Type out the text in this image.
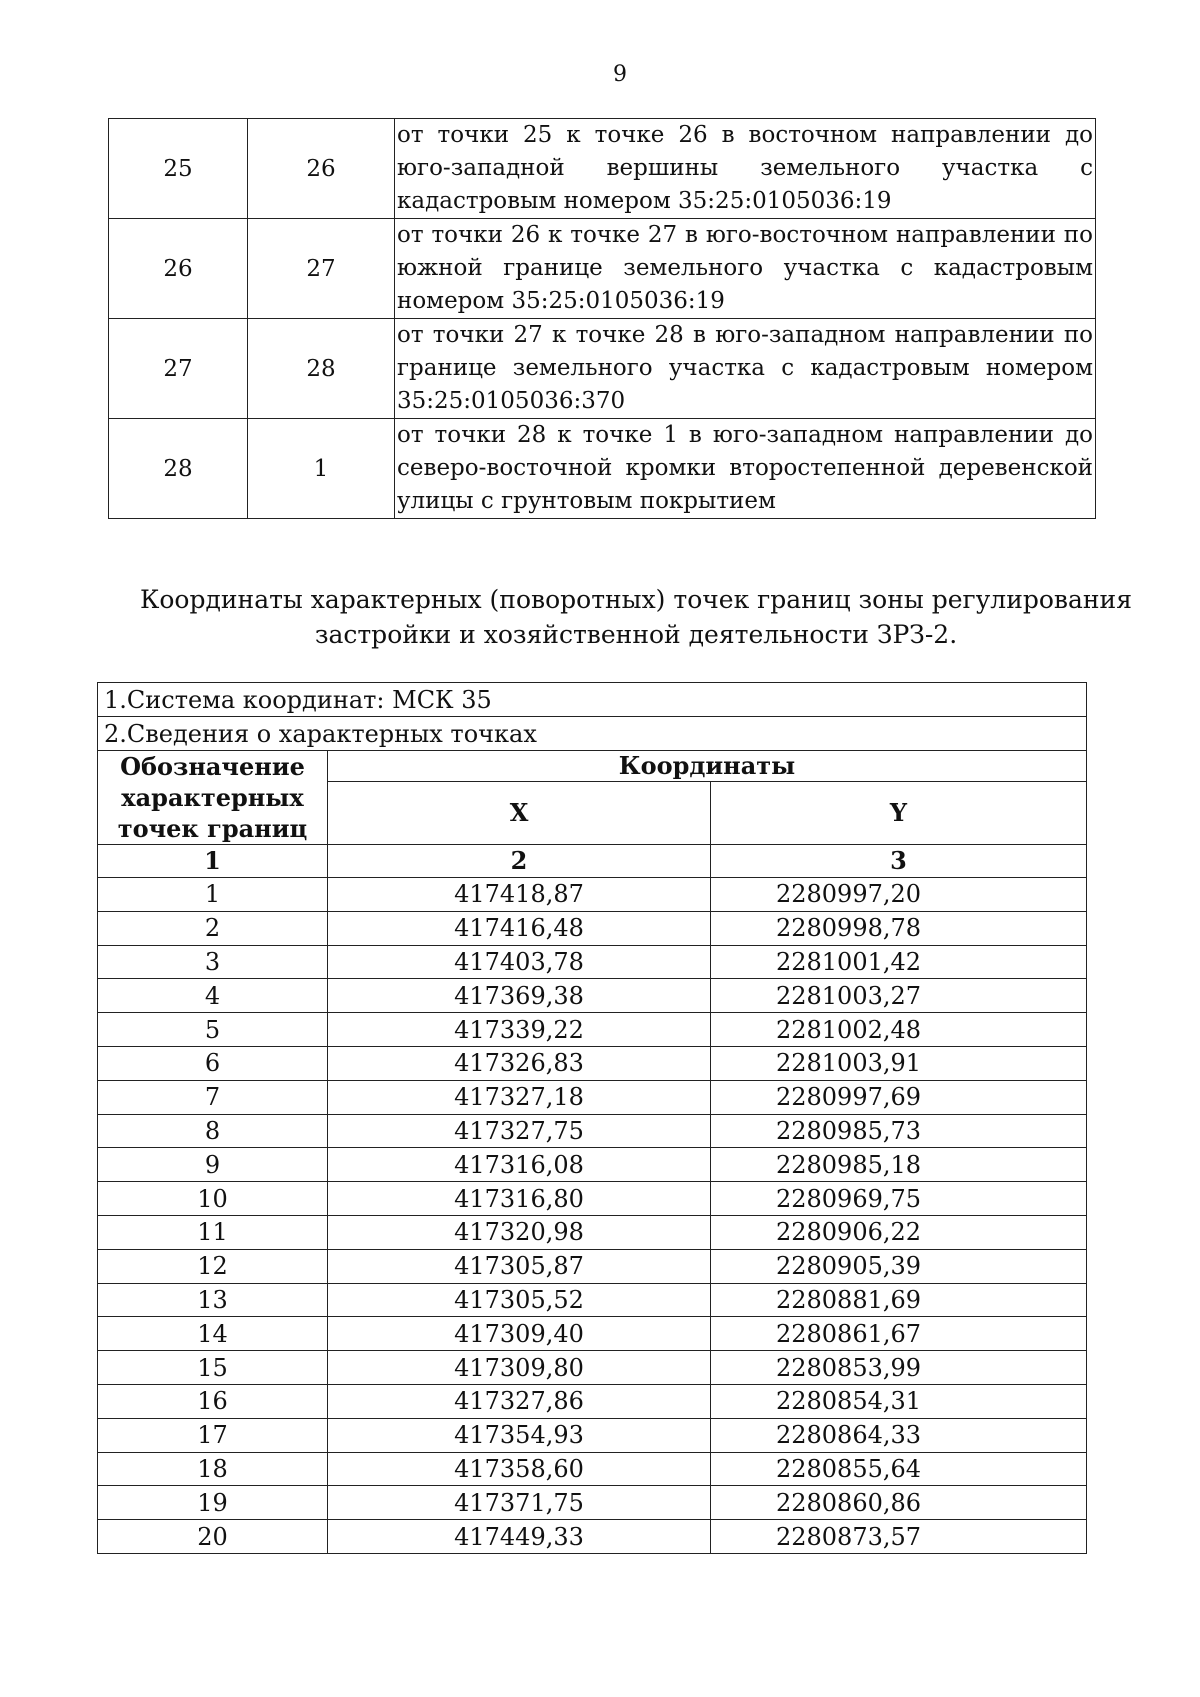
9
25	26	от точки 25 к точке 26 в восточном направлении до юго-западной вершины земельного участка с кадастровым номером 35:25:0105036:19
26	27	от точки 26 к точке 27 в юго-восточном направлении по южной границе земельного участка с кадастровым номером 35:25:0105036:19
27	28	от точки 27 к точке 28 в юго-западном направлении по границе земельного участка с кадастровым номером 35:25:0105036:370
28	1	от точки 28 к точке 1 в юго-западном направлении до северо-восточной кромки второстепенной деревенской улицы с грунтовым покрытием
Координаты характерных (поворотных) точек границ зоны регулирования застройки и хозяйственной деятельности ЗРЗ-2.
1.Система координат: МСК 35		
2.Сведения о характерных точках		
Обозначение характерных точек границ	Координаты	
	X	Y
1	2	3
1	417418,87	2280997,20
2	417416,48	2280998,78
3	417403,78	2281001,42
4	417369,38	2281003,27
5	417339,22	2281002,48
6	417326,83	2281003,91
7	417327,18	2280997,69
8	417327,75	2280985,73
9	417316,08	2280985,18
10	417316,80	2280969,75
11	417320,98	2280906,22
12	417305,87	2280905,39
13	417305,52	2280881,69
14	417309,40	2280861,67
15	417309,80	2280853,99
16	417327,86	2280854,31
17	417354,93	2280864,33
18	417358,60	2280855,64
19	417371,75	2280860,86
20	417449,33	2280873,57
